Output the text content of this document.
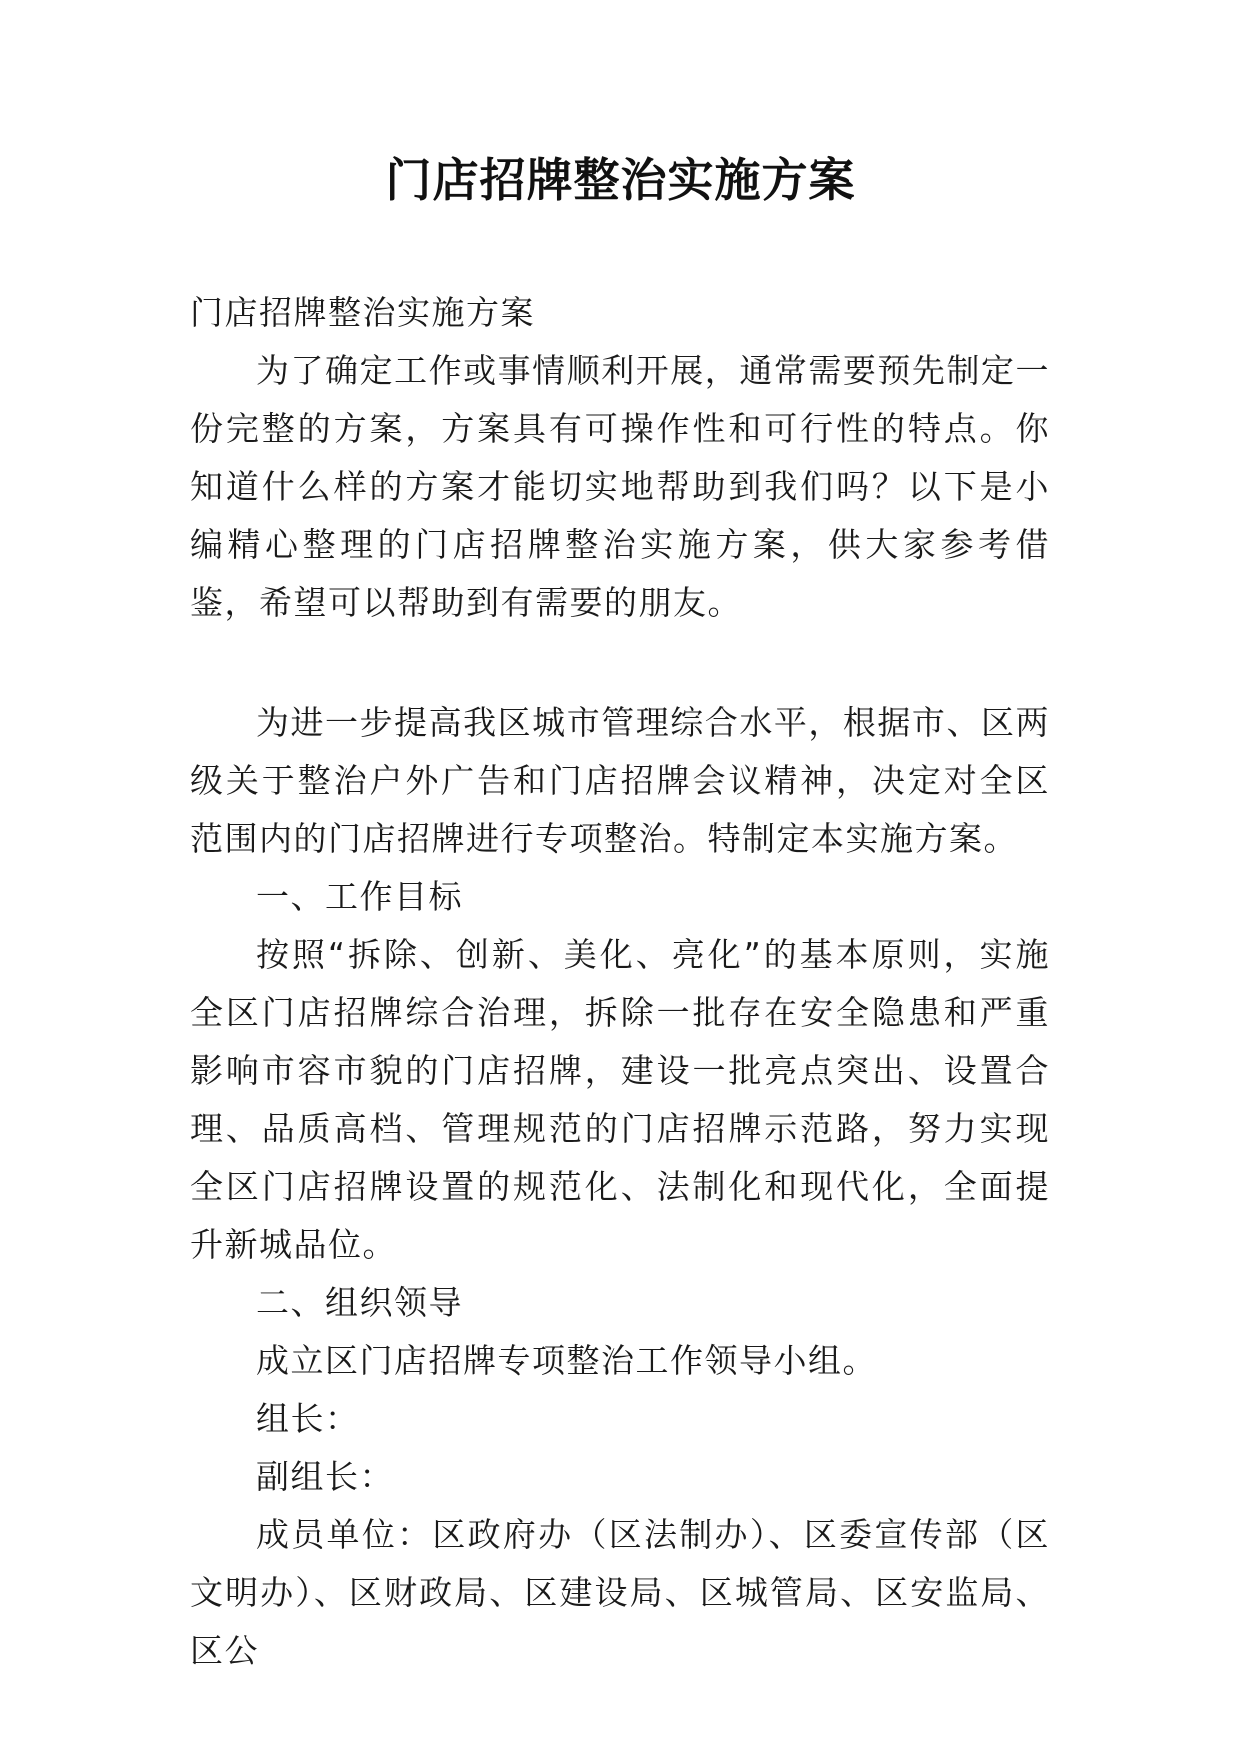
门店招牌整治实施方案

门店招牌整治实施方案

为了确定工作或事情顺利开展，通常需要预先制定一份完整的方案，方案具有可操作性和可行性的特点。你知道什么样的方案才能切实地帮助到我们吗？以下是小编精心整理的门店招牌整治实施方案，供大家参考借鉴，希望可以帮助到有需要的朋友。

为进一步提高我区城市管理综合水平，根据市、区两级关于整治户外广告和门店招牌会议精神，决定对全区范围内的门店招牌进行专项整治。特制定本实施方案。

一、工作目标

按照“拆除、创新、美化、亮化”的基本原则，实施全区门店招牌综合治理，拆除一批存在安全隐患和严重影响市容市貌的门店招牌，建设一批亮点突出、设置合理、品质高档、管理规范的门店招牌示范路，努力实现全区门店招牌设置的规范化、法制化和现代化，全面提升新城品位。

二、组织领导

成立区门店招牌专项整治工作领导小组。

组长：

副组长：

成员单位：区政府办（区法制办）、区委宣传部（区文明办）、区财政局、区建设局、区城管局、区安监局、区公
